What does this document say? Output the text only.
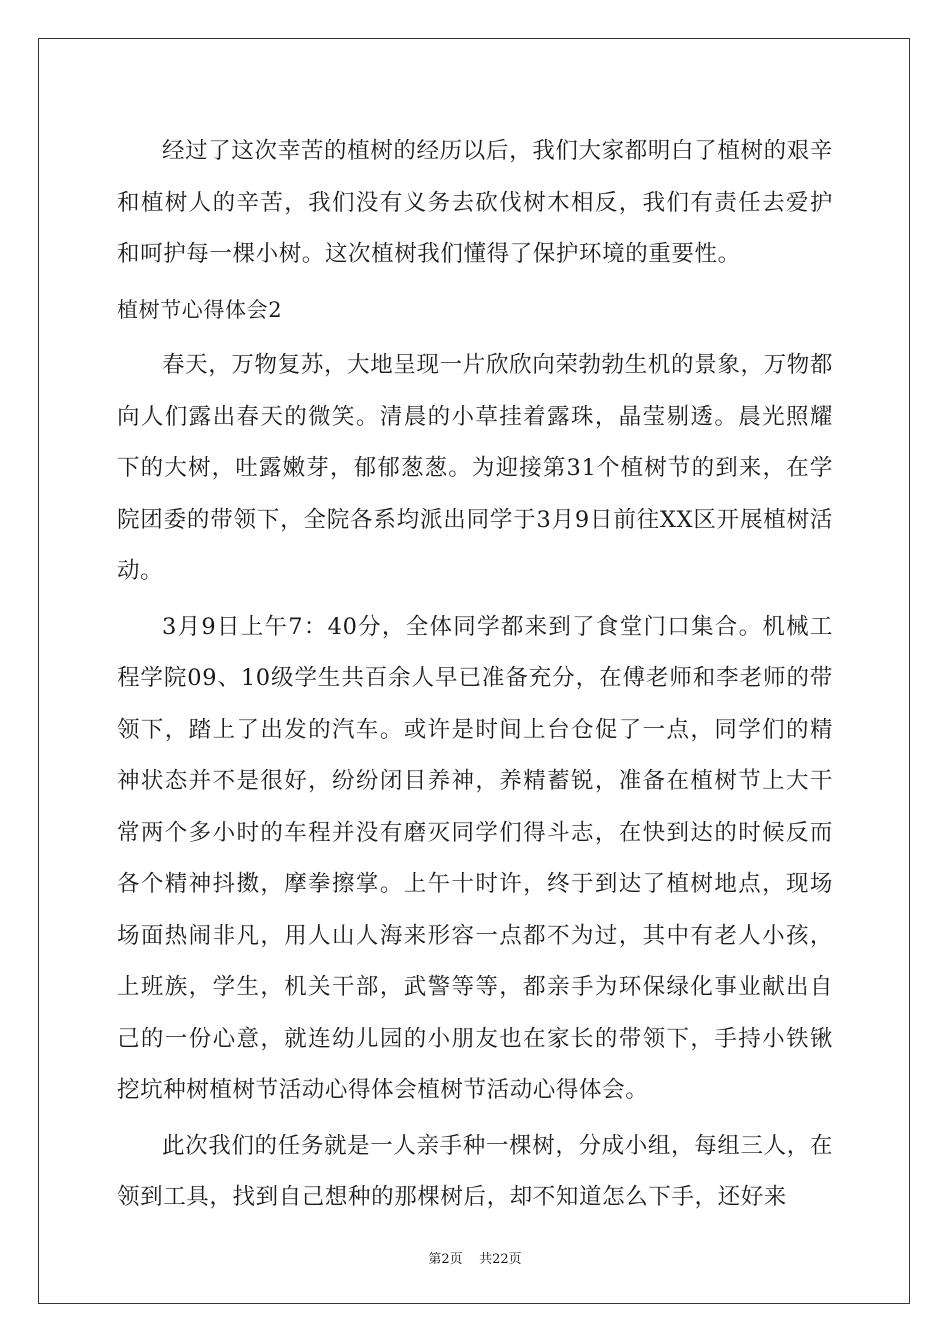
经过了这次幸苦的植树的经历以后，我们大家都明白了植树的艰辛和植树人的辛苦，我们没有义务去砍伐树木相反，我们有责任去爱护和呵护每一棵小树。这次植树我们懂得了保护环境的重要性。

植树节心得体会2

春天，万物复苏，大地呈现一片欣欣向荣勃勃生机的景象，万物都向人们露出春天的微笑。清晨的小草挂着露珠，晶莹剔透。晨光照耀下的大树，吐露嫩芽，郁郁葱葱。为迎接第31个植树节的到来，在学院团委的带领下，全院各系均派出同学于3月9日前往XX区开展植树活动。

3月9日上午7：40分，全体同学都来到了食堂门口集合。机械工程学院09、10级学生共百余人早已准备充分，在傅老师和李老师的带领下，踏上了出发的汽车。或许是时间上台仓促了一点，同学们的精神状态并不是很好，纷纷闭目养神，养精蓄锐，准备在植树节上大干常两个多小时的车程并没有磨灭同学们得斗志，在快到达的时候反而各个精神抖擞，摩拳擦掌。上午十时许，终于到达了植树地点，现场场面热闹非凡，用人山人海来形容一点都不为过，其中有老人小孩，上班族，学生，机关干部，武警等等，都亲手为环保绿化事业献出自己的一份心意，就连幼儿园的小朋友也在家长的带领下，手持小铁锹挖坑种树植树节活动心得体会植树节活动心得体会。

此次我们的任务就是一人亲手种一棵树，分成小组，每组三人，在领到工具，找到自己想种的那棵树后，却不知道怎么下手，还好来

第2页 共22页
